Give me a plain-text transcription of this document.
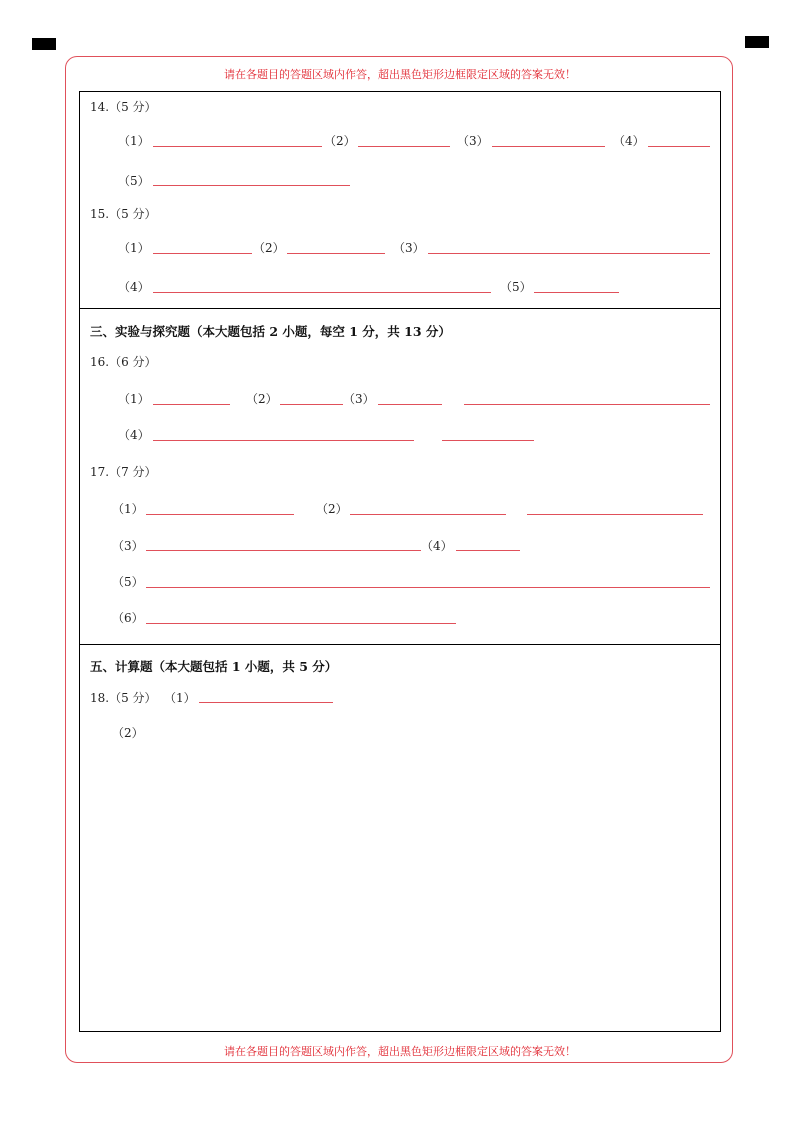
请在各题目的答题区域内作答，超出黑色矩形边框限定区域的答案无效！
请在各题目的答题区域内作答，超出黑色矩形边框限定区域的答案无效！
14.（5 分）
（1）	（2）	（3）	（4）
（5）
15.（5 分）
（1）	（2）	（3）
（4）	（5）
三、实验与探究题（本大题包括 2 小题，每空 1 分，共 13 分）
16.（6 分）
（1）	（2）	（3）
（4）
17.（7 分）
（1）	（2）
（3）	（4）
（5）
（6）
五、计算题（本大题包括 1 小题，共 5 分）
18.（5 分） （1）
（2）
